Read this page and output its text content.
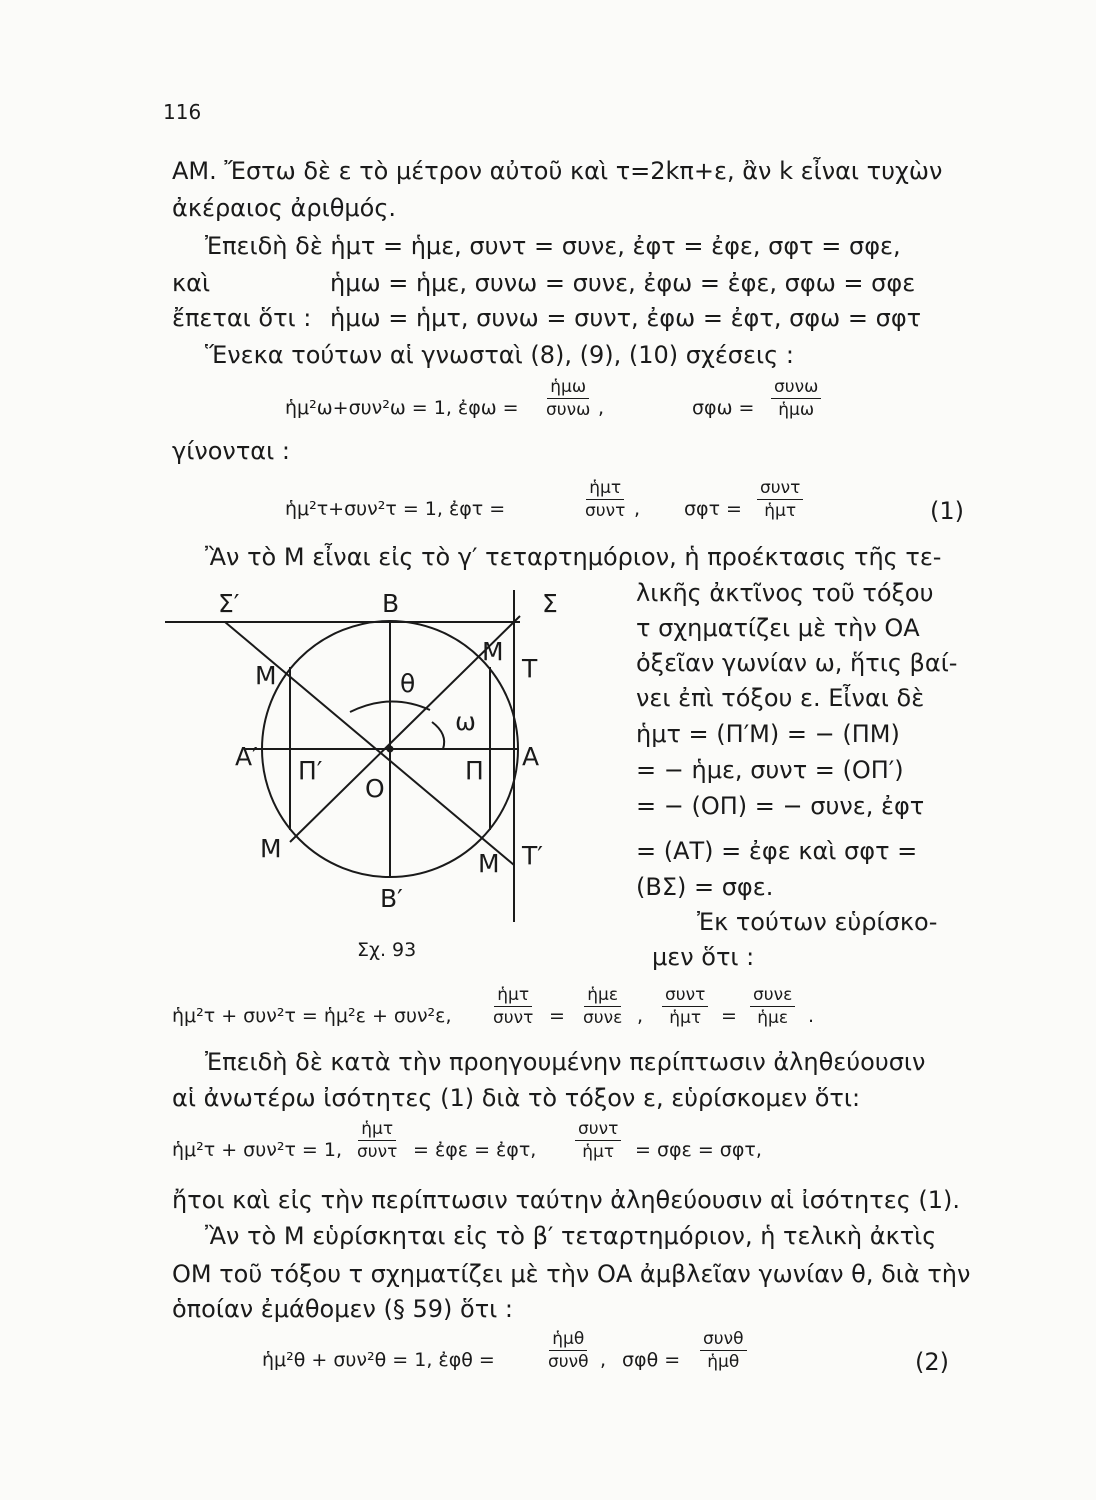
116
ΑΜ. Ἔστω δὲ ε τὸ μέτρον αὐτοῦ καὶ τ=2kπ+ε, ἂν k εἶναι τυχὼν
ἀκέραιος ἀριθμός.
Ἐπειδὴ δὲ ἡμτ = ἡμε, συντ = συνε, ἐφτ = ἐφε, σφτ = σφε,
καὶ	ἡμω = ἡμε, συνω = συνε, ἐφω = ἐφε, σφω = σφε
ἔπεται ὅτι : ἡμω = ἡμτ, συνω = συντ, ἐφω = ἐφτ, σφω = σφτ
Ἕνεκα τούτων αἱ γνωσταὶ (8), (9), (10) σχέσεις :
ἡμ²ω+συν²ω = 1, ἐφω =
ἡμω
συνω ,	σφω =
συνω
ἡμω
γίνονται :
ἡμ²τ+συν²τ = 1, ἐφτ =
ἡμτ
συντ , σφτ =
συντ
ἡμτ	(1)
Ἂν τὸ Μ εἶναι εἰς τὸ γ′ τεταρτημόριον, ἡ προέκτασις τῆς τε-
Σ′	Β	Σ
Μ
Τ
Μ	θ
ω
Α′ Π′
Ο
Π Α
Μ
Μ Τ′
Β′
Σχ. 93
λικῆς ἀκτῖνος τοῦ τόξου
τ σχηματίζει μὲ τὴν ΟΑ
ὀξεῖαν γωνίαν ω, ἥτις βαί-
νει ἐπὶ τόξου ε. Εἶναι δὲ
ἡμτ = (Π′Μ) = − (ΠΜ)
= − ἡμε, συντ = (ΟΠ′)
= − (ΟΠ) = − συνε, ἐφτ
= (ΑΤ) = ἐφε καὶ σφτ =
(ΒΣ) = σφε.
Ἐκ τούτων εὑρίσκο-
μεν ὅτι :
ἡμ²τ + συν²τ = ἡμ²ε + συν²ε,
ἡμτ
συντ =
ἡμε
συνε ,
συντ
ἡμτ =
συνε
ἡμε .
Ἐπειδὴ δὲ κατὰ τὴν προηγουμένην περίπτωσιν ἀληθεύουσιν
αἱ ἀνωτέρω ἰσότητες (1) διὰ τὸ τόξον ε, εὑρίσκομεν ὅτι:
ἡμ²τ + συν²τ = 1,
ἡμτ
συντ = ἐφε = ἐφτ,
συντ
ἡμτ = σφε = σφτ,
ἤτοι καὶ εἰς τὴν περίπτωσιν ταύτην ἀληθεύουσιν αἱ ἰσότητες (1).
Ἂν τὸ Μ εὑρίσκηται εἰς τὸ β′ τεταρτημόριον, ἡ τελικὴ ἀκτὶς
ΟΜ τοῦ τόξου τ σχηματίζει μὲ τὴν ΟΑ ἀμβλεῖαν γωνίαν θ, διὰ τὴν
ὁποίαν ἐμάθομεν (§ 59) ὅτι :
ἡμ²θ + συν²θ = 1, ἐφθ =
ἡμθ
συνθ , σφθ =
συνθ
ἡμθ	(2)
